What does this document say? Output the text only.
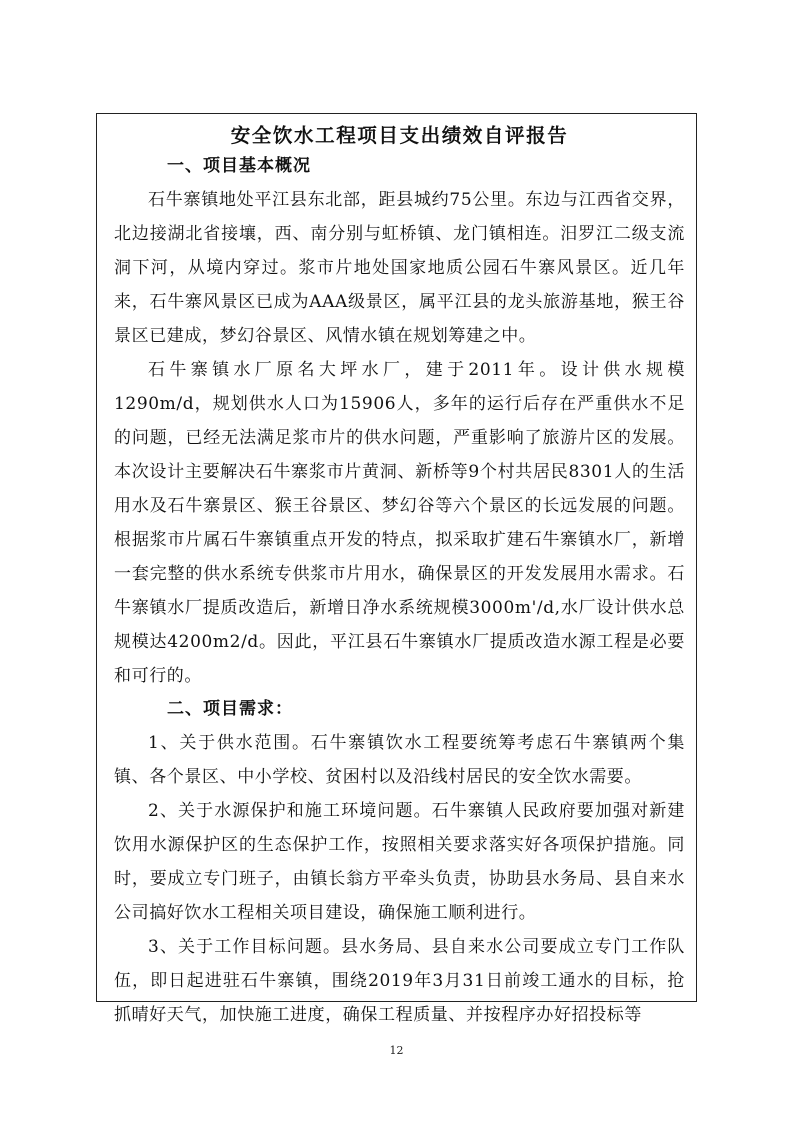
安全饮水工程项目支出绩效自评报告
一、项目基本概况

石牛寨镇地处平江县东北部，距县城约75公里。东边与江西省交界，北边接湖北省接壤，西、南分别与虹桥镇、龙门镇相连。汨罗江二级支流洞下河，从境内穿过。浆市片地处国家地质公园石牛寨风景区。近几年来，石牛寨风景区已成为AAA级景区，属平江县的龙头旅游基地，猴王谷景区已建成，梦幻谷景区、风情水镇在规划筹建之中。

石牛寨镇水厂原名大坪水厂，建于2011年。设计供水规模1290m/d，规划供水人口为15906人，多年的运行后存在严重供水不足的问题，已经无法满足浆市片的供水问题，严重影响了旅游片区的发展。本次设计主要解决石牛寨浆市片黄洞、新桥等9个村共居民8301人的生活用水及石牛寨景区、猴王谷景区、梦幻谷等六个景区的长远发展的问题。根据浆市片属石牛寨镇重点开发的特点，拟采取扩建石牛寨镇水厂，新增一套完整的供水系统专供浆市片用水，确保景区的开发发展用水需求。石牛寨镇水厂提质改造后，新增日净水系统规模3000m'/d,水厂设计供水总规模达4200m2/d。因此，平江县石牛寨镇水厂提质改造水源工程是必要和可行的。

二、项目需求：

1、关于供水范围。石牛寨镇饮水工程要统筹考虑石牛寨镇两个集镇、各个景区、中小学校、贫困村以及沿线村居民的安全饮水需要。

2、关于水源保护和施工环境问题。石牛寨镇人民政府要加强对新建饮用水源保护区的生态保护工作，按照相关要求落实好各项保护措施。同时，要成立专门班子，由镇长翁方平牵头负责，协助县水务局、县自来水公司搞好饮水工程相关项目建设，确保施工顺利进行。

3、关于工作目标问题。县水务局、县自来水公司要成立专门工作队伍，即日起进驻石牛寨镇，围绕2019年3月31日前竣工通水的目标，抢抓晴好天气，加快施工进度，确保工程质量、并按程序办好招投标等

12
